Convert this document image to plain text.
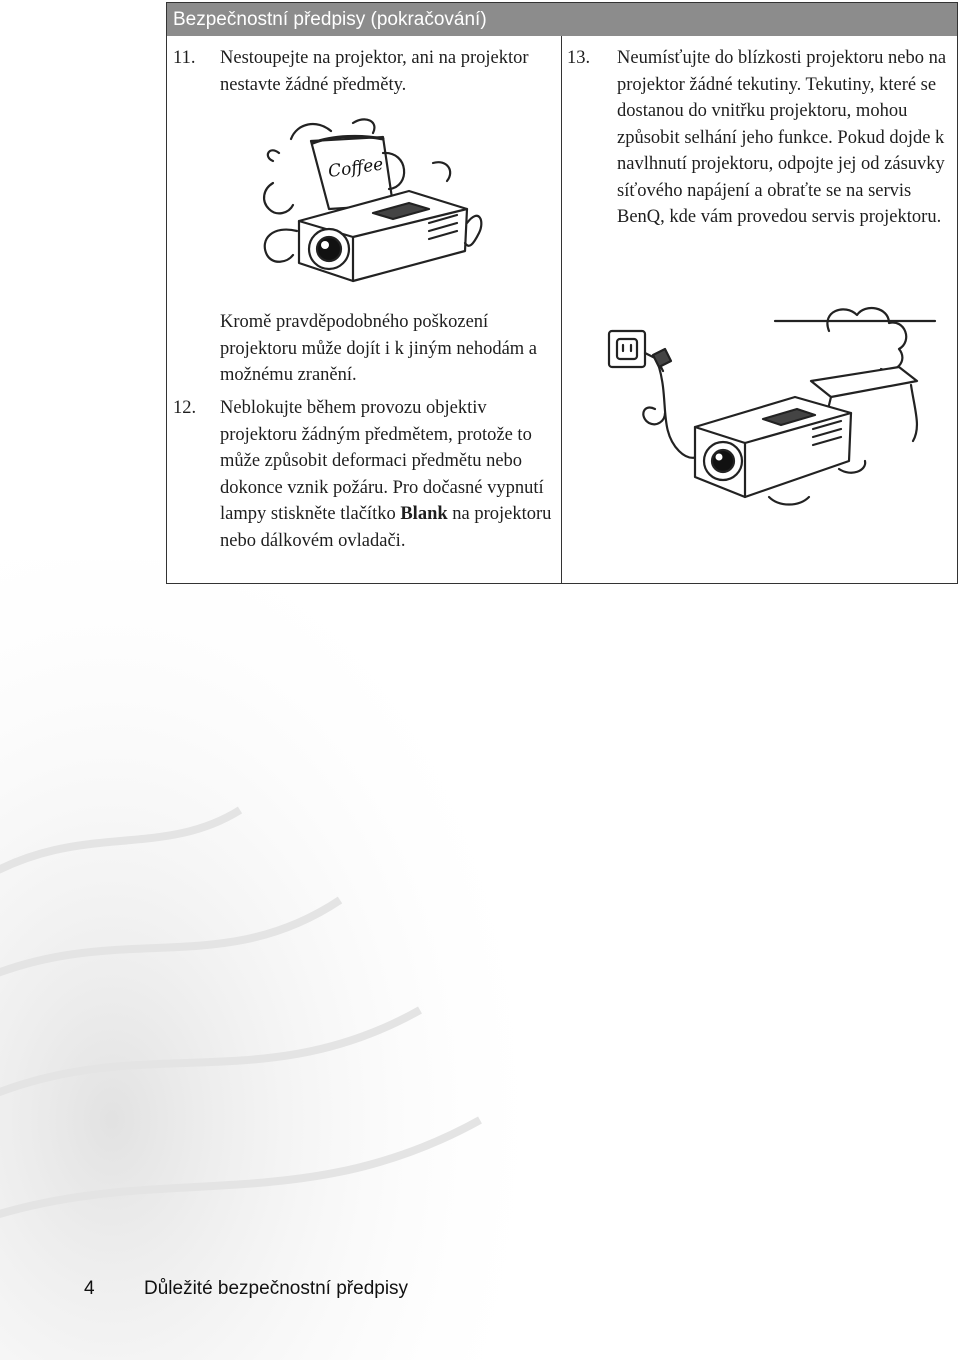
Bezpečnostní předpisy (pokračování)
11. Nestoupejte na projektor, ani na projektor nestavte žádné předměty.

Coffee

Kromě pravděpodobného poškození projektoru může dojít i k jiným nehodám a možnému zranění.

12. Neblokujte během provozu objektiv projektoru žádným předmětem, protože to může způsobit deformaci předmětu nebo dokonce vznik požáru. Pro dočasné vypnutí lampy stiskněte tlačítko Blank na projektoru nebo dálkovém ovladači.

13. Neumísťujte do blízkosti projektoru nebo na projektor žádné tekutiny. Tekutiny, které se dostanou do vnitřku projektoru, mohou způsobit selhání jeho funkce. Pokud dojde k navlhnutí projektoru, odpojte jej od zásuvky síťového napájení a obraťte se na servis BenQ, kde vám provedou servis projektoru.

4	Důležité bezpečnostní předpisy
